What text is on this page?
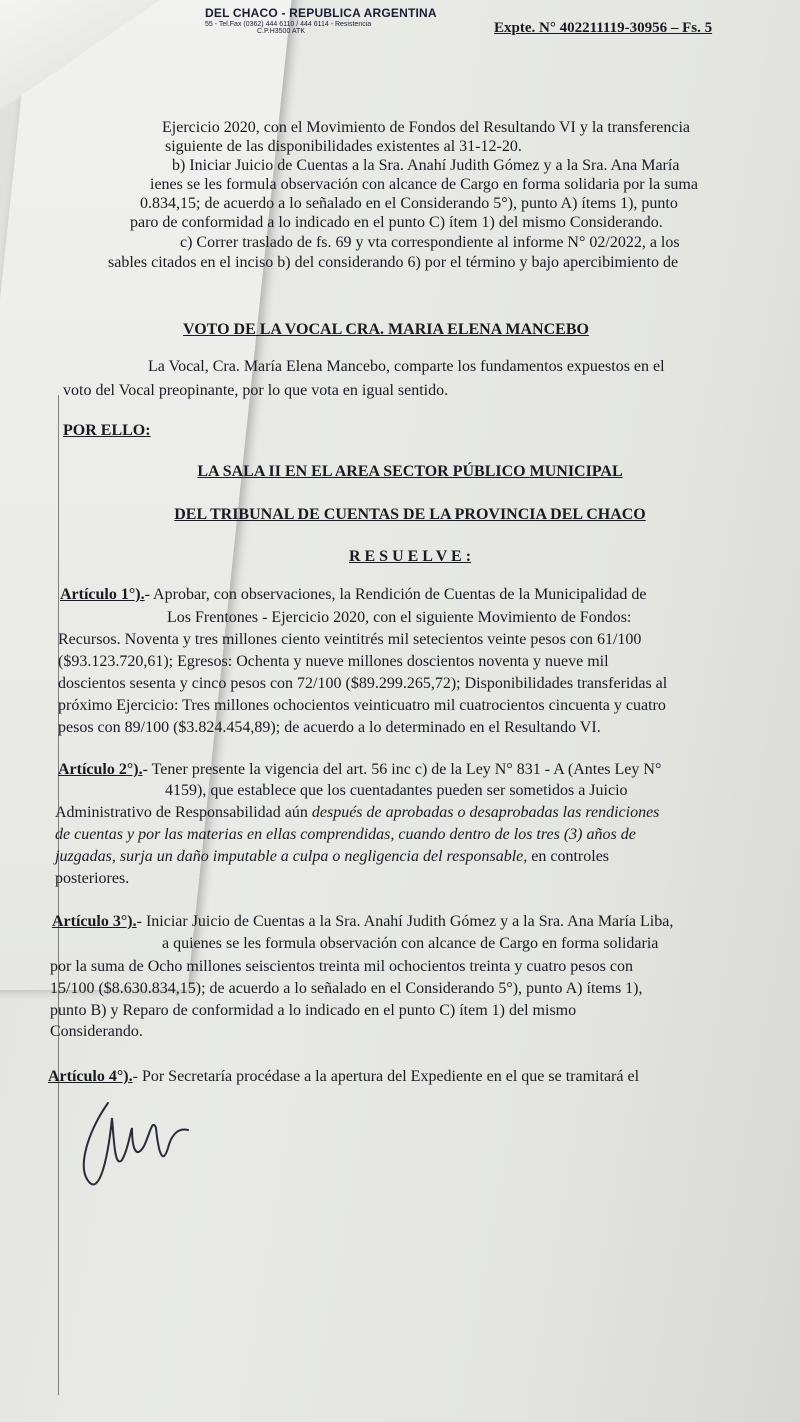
DEL CHACO - REPUBLICA ARGENTINA
55 - Tel.Fax (0362) 444 6110 / 444 6114 - Resistencia
C.P.H3500 ATK	Expte. N° 402211119-30956 – Fs. 5
Ejercicio 2020, con el Movimiento de Fondos del Resultando VI y la transferencia
siguiente de las disponibilidades existentes al 31-12-20.
b) Iniciar Juicio de Cuentas a la Sra. Anahí Judith Gómez y a la Sra. Ana María
ienes se les formula observación con alcance de Cargo en forma solidaria por la suma
0.834,15; de acuerdo a lo señalado en el Considerando 5°), punto A) ítems 1), punto
paro de conformidad a lo indicado en el punto C) ítem 1) del mismo Considerando.
c) Correr traslado de fs. 69 y vta correspondiente al informe N° 02/2022, a los
sables citados en el inciso b) del considerando 6) por el término y bajo apercibimiento de
VOTO DE LA VOCAL CRA. MARIA ELENA MANCEBO
La Vocal, Cra. María Elena Mancebo, comparte los fundamentos expuestos en el
voto del Vocal preopinante, por lo que vota en igual sentido.
POR ELLO:
LA SALA II EN EL AREA SECTOR PÚBLICO MUNICIPAL
DEL TRIBUNAL DE CUENTAS DE LA PROVINCIA DEL CHACO
R E S U E L V E :
Artículo 1°).- Aprobar, con observaciones, la Rendición de Cuentas de la Municipalidad de
Los Frentones - Ejercicio 2020, con el siguiente Movimiento de Fondos:
Recursos. Noventa y tres millones ciento veintitrés mil setecientos veinte pesos con 61/100
($93.123.720,61); Egresos: Ochenta y nueve millones doscientos noventa y nueve mil
doscientos sesenta y cinco pesos con 72/100 ($89.299.265,72); Disponibilidades transferidas al
próximo Ejercicio: Tres millones ochocientos veinticuatro mil cuatrocientos cincuenta y cuatro
pesos con 89/100 ($3.824.454,89); de acuerdo a lo determinado en el Resultando VI.
Artículo 2°).- Tener presente la vigencia del art. 56 inc c) de la Ley N° 831 - A (Antes Ley N°
4159), que establece que los cuentadantes pueden ser sometidos a Juicio
Administrativo de Responsabilidad aún después de aprobadas o desaprobadas las rendiciones
de cuentas y por las materias en ellas comprendidas, cuando dentro de los tres (3) años de
juzgadas, surja un daño imputable a culpa o negligencia del responsable, en controles
posteriores.
Artículo 3°).- Iniciar Juicio de Cuentas a la Sra. Anahí Judith Gómez y a la Sra. Ana María Liba,
a quienes se les formula observación con alcance de Cargo en forma solidaria
por la suma de Ocho millones seiscientos treinta mil ochocientos treinta y cuatro pesos con
15/100 ($8.630.834,15); de acuerdo a lo señalado en el Considerando 5°), punto A) ítems 1),
punto B) y Reparo de conformidad a lo indicado en el punto C) ítem 1) del mismo
Considerando.
Artículo 4°).- Por Secretaría procédase a la apertura del Expediente en el que se tramitará el
